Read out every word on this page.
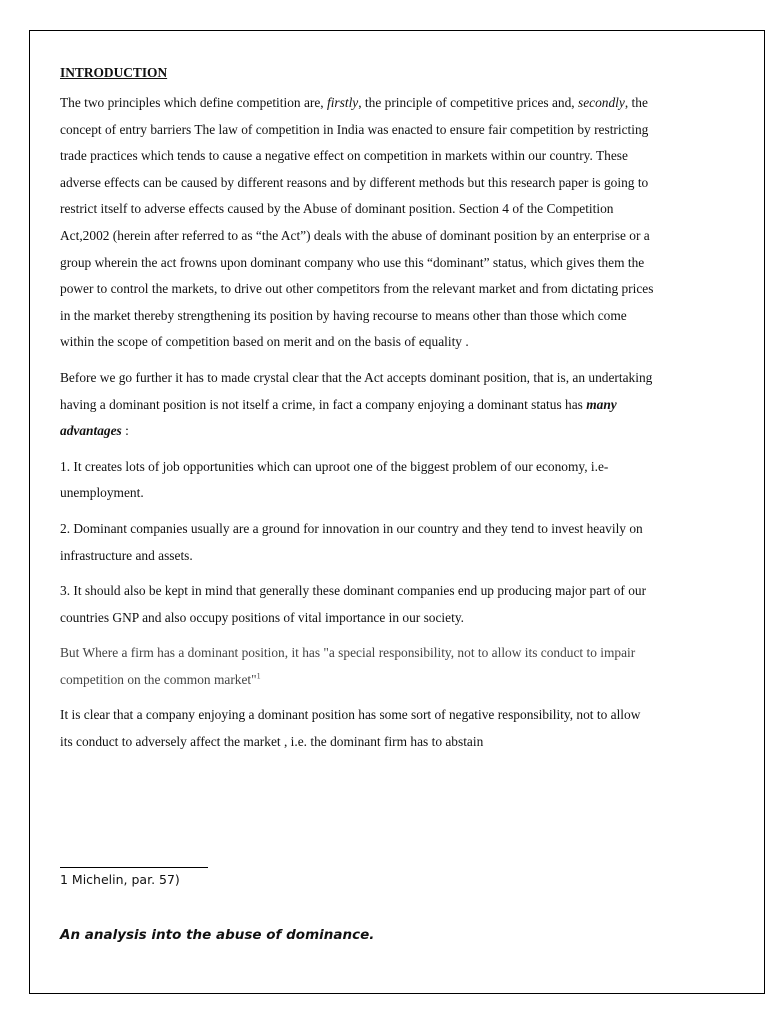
INTRODUCTION

The two principles which define competition are, firstly, the principle of competitive prices and, secondly, the concept of entry barriers The law of competition in India was enacted to ensure fair competition by restricting trade practices which tends to cause a negative effect on competition in markets within our country. These adverse effects can be caused by different reasons and by different methods but this research paper is going to restrict itself to adverse effects caused by the Abuse of dominant position. Section 4 of the Competition Act,2002 (herein after referred to as “the Act”) deals with the abuse of dominant position by an enterprise or a group wherein the act frowns upon dominant company who use this “dominant” status, which gives them the power to control the markets, to drive out other competitors from the relevant market and from dictating prices in the market thereby strengthening its position by having recourse to means other than those which come within the scope of competition based on merit and on the basis of equality .

Before we go further it has to made crystal clear that the Act accepts dominant position, that is, an undertaking having a dominant position is not itself a crime, in fact a company enjoying a dominant status has many advantages :

1. It creates lots of job opportunities which can uproot one of the biggest problem of our economy, i.e- unemployment.

2. Dominant companies usually are a ground for innovation in our country and they tend to invest heavily on infrastructure and assets.

3. It should also be kept in mind that generally these dominant companies end up producing major part of our countries GNP and also occupy positions of vital importance in our society.

But Where a firm has a dominant position, it has "a special responsibility, not to allow its conduct to impair competition on the common market"$^1$

It is clear that a company enjoying a dominant position has some sort of negative responsibility, not to allow its conduct to adversely affect the market , i.e. the dominant firm has to abstain

1 Michelin, par. 57)
An analysis into the abuse of dominance.
